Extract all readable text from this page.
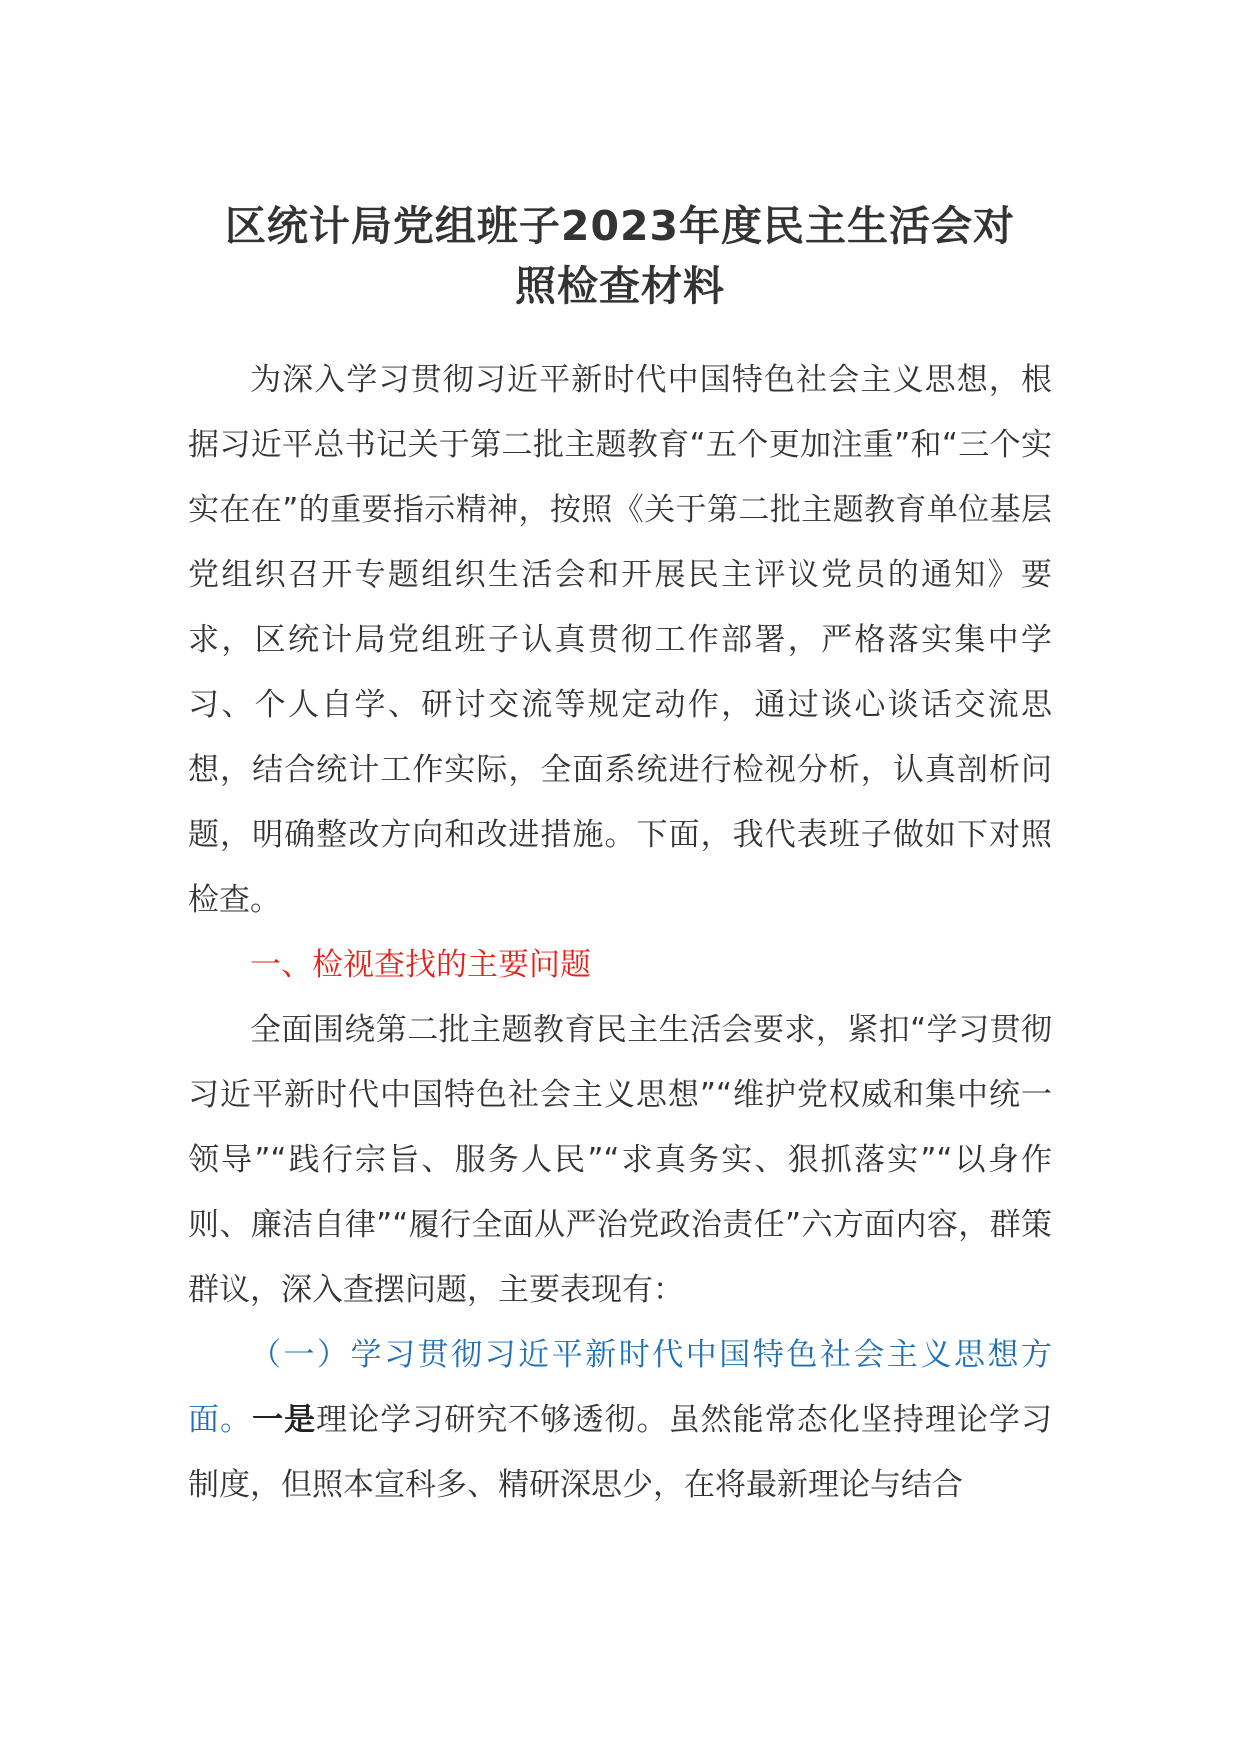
区统计局党组班子2023年度民主生活会对
照检查材料

为深入学习贯彻习近平新时代中国特色社会主义思想，根据习近平总书记关于第二批主题教育“五个更加注重”和“三个实实在在”的重要指示精神，按照《关于第二批主题教育单位基层党组织召开专题组织生活会和开展民主评议党员的通知》要求，区统计局党组班子认真贯彻工作部署，严格落实集中学习、个人自学、研讨交流等规定动作，通过谈心谈话交流思想，结合统计工作实际，全面系统进行检视分析，认真剖析问题，明确整改方向和改进措施。下面，我代表班子做如下对照检查。

一、检视查找的主要问题

全面围绕第二批主题教育民主生活会要求，紧扣“学习贯彻习近平新时代中国特色社会主义思想”“维护党权威和集中统一领导”“践行宗旨、服务人民”“求真务实、狠抓落实”“以身作则、廉洁自律”“履行全面从严治党政治责任”六方面内容，群策群议，深入查摆问题，主要表现有：

（一）学习贯彻习近平新时代中国特色社会主义思想方面。一是理论学习研究不够透彻。虽然能常态化坚持理论学习制度，但照本宣科多、精研深思少，在将最新理论与结合
